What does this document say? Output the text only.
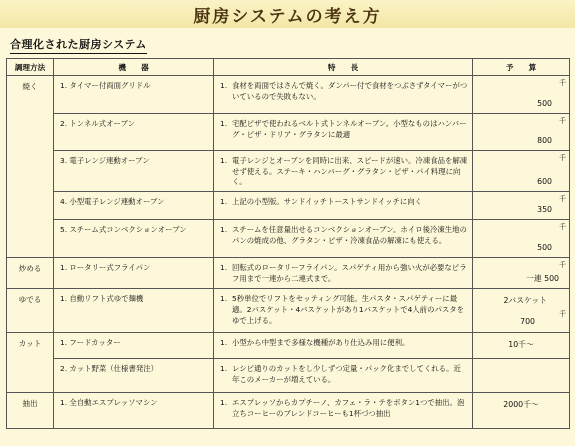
厨房システムの考え方
合理化された厨房システム
調理方法	機　　器	特　　長	予　　算
焼く	1. タイマー付両面グリドル	1. 食材を両面ではさんで焼く。ダンパー付で食材をつぶさずタイマーがついているので失敗もない。	千
500

	2. トンネル式オーブン	1. 宅配ピザで使われるベルト式トンネルオーブン。小型なものはハンバーグ・ピザ・ドリア・グラタンに最適	千
800

	3. 電子レンジ連動オーブン	1. 電子レンジとオーブンを同時に出来、スピードが速い。冷凍食品を解凍せず使える。ステーキ・ハンバーグ・グラタン・ピザ・パイ料理に向く。	千
600

	4. 小型電子レンジ連動オーブン	1. 上記の小型版。サンドイッチトーストサンドイッチに向く	千
350

	5. スチーム式コンベクションオーブン	1. スチームを任意量出せるコンベクションオーブン。ホイロ後冷凍生地のパンの焼成の他、グラタン・ピザ・冷凍食品の解凍にも使える。	千
500

炒める	1. ロータリー式フライパン	1. 回転式のロータリーフライパン。スパゲティ用から強い火が必要なピラフ用まで一連から二連式まで。	千
一連 500

ゆでる	1. 自動リフト式ゆで麺機	1. 5秒単位でリフトをセッティング可能。生パスタ・スパゲティーに最適。2バスケット・4バスケットがあり1バスケットで4人前のパスタをゆで上げる。	2バスケット
千
700

カット	1. フードカッター	1. 小型から中型まで多様な機種があり仕込み用に便利。	10千～

	2. カット野菜（仕様書発注）	1. レシピ通りのカットをし少しずつ定量・パック化までしてくれる。近年このメーカーが増えている。	

抽出	1. 全自動エスプレッソマシン	1. エスプレッソからカプチーノ、カフェ・ラ・テをボタン1つで抽出。泡立ちコーヒーのブレンドコーヒーも1杯づつ抽出	2000千～
